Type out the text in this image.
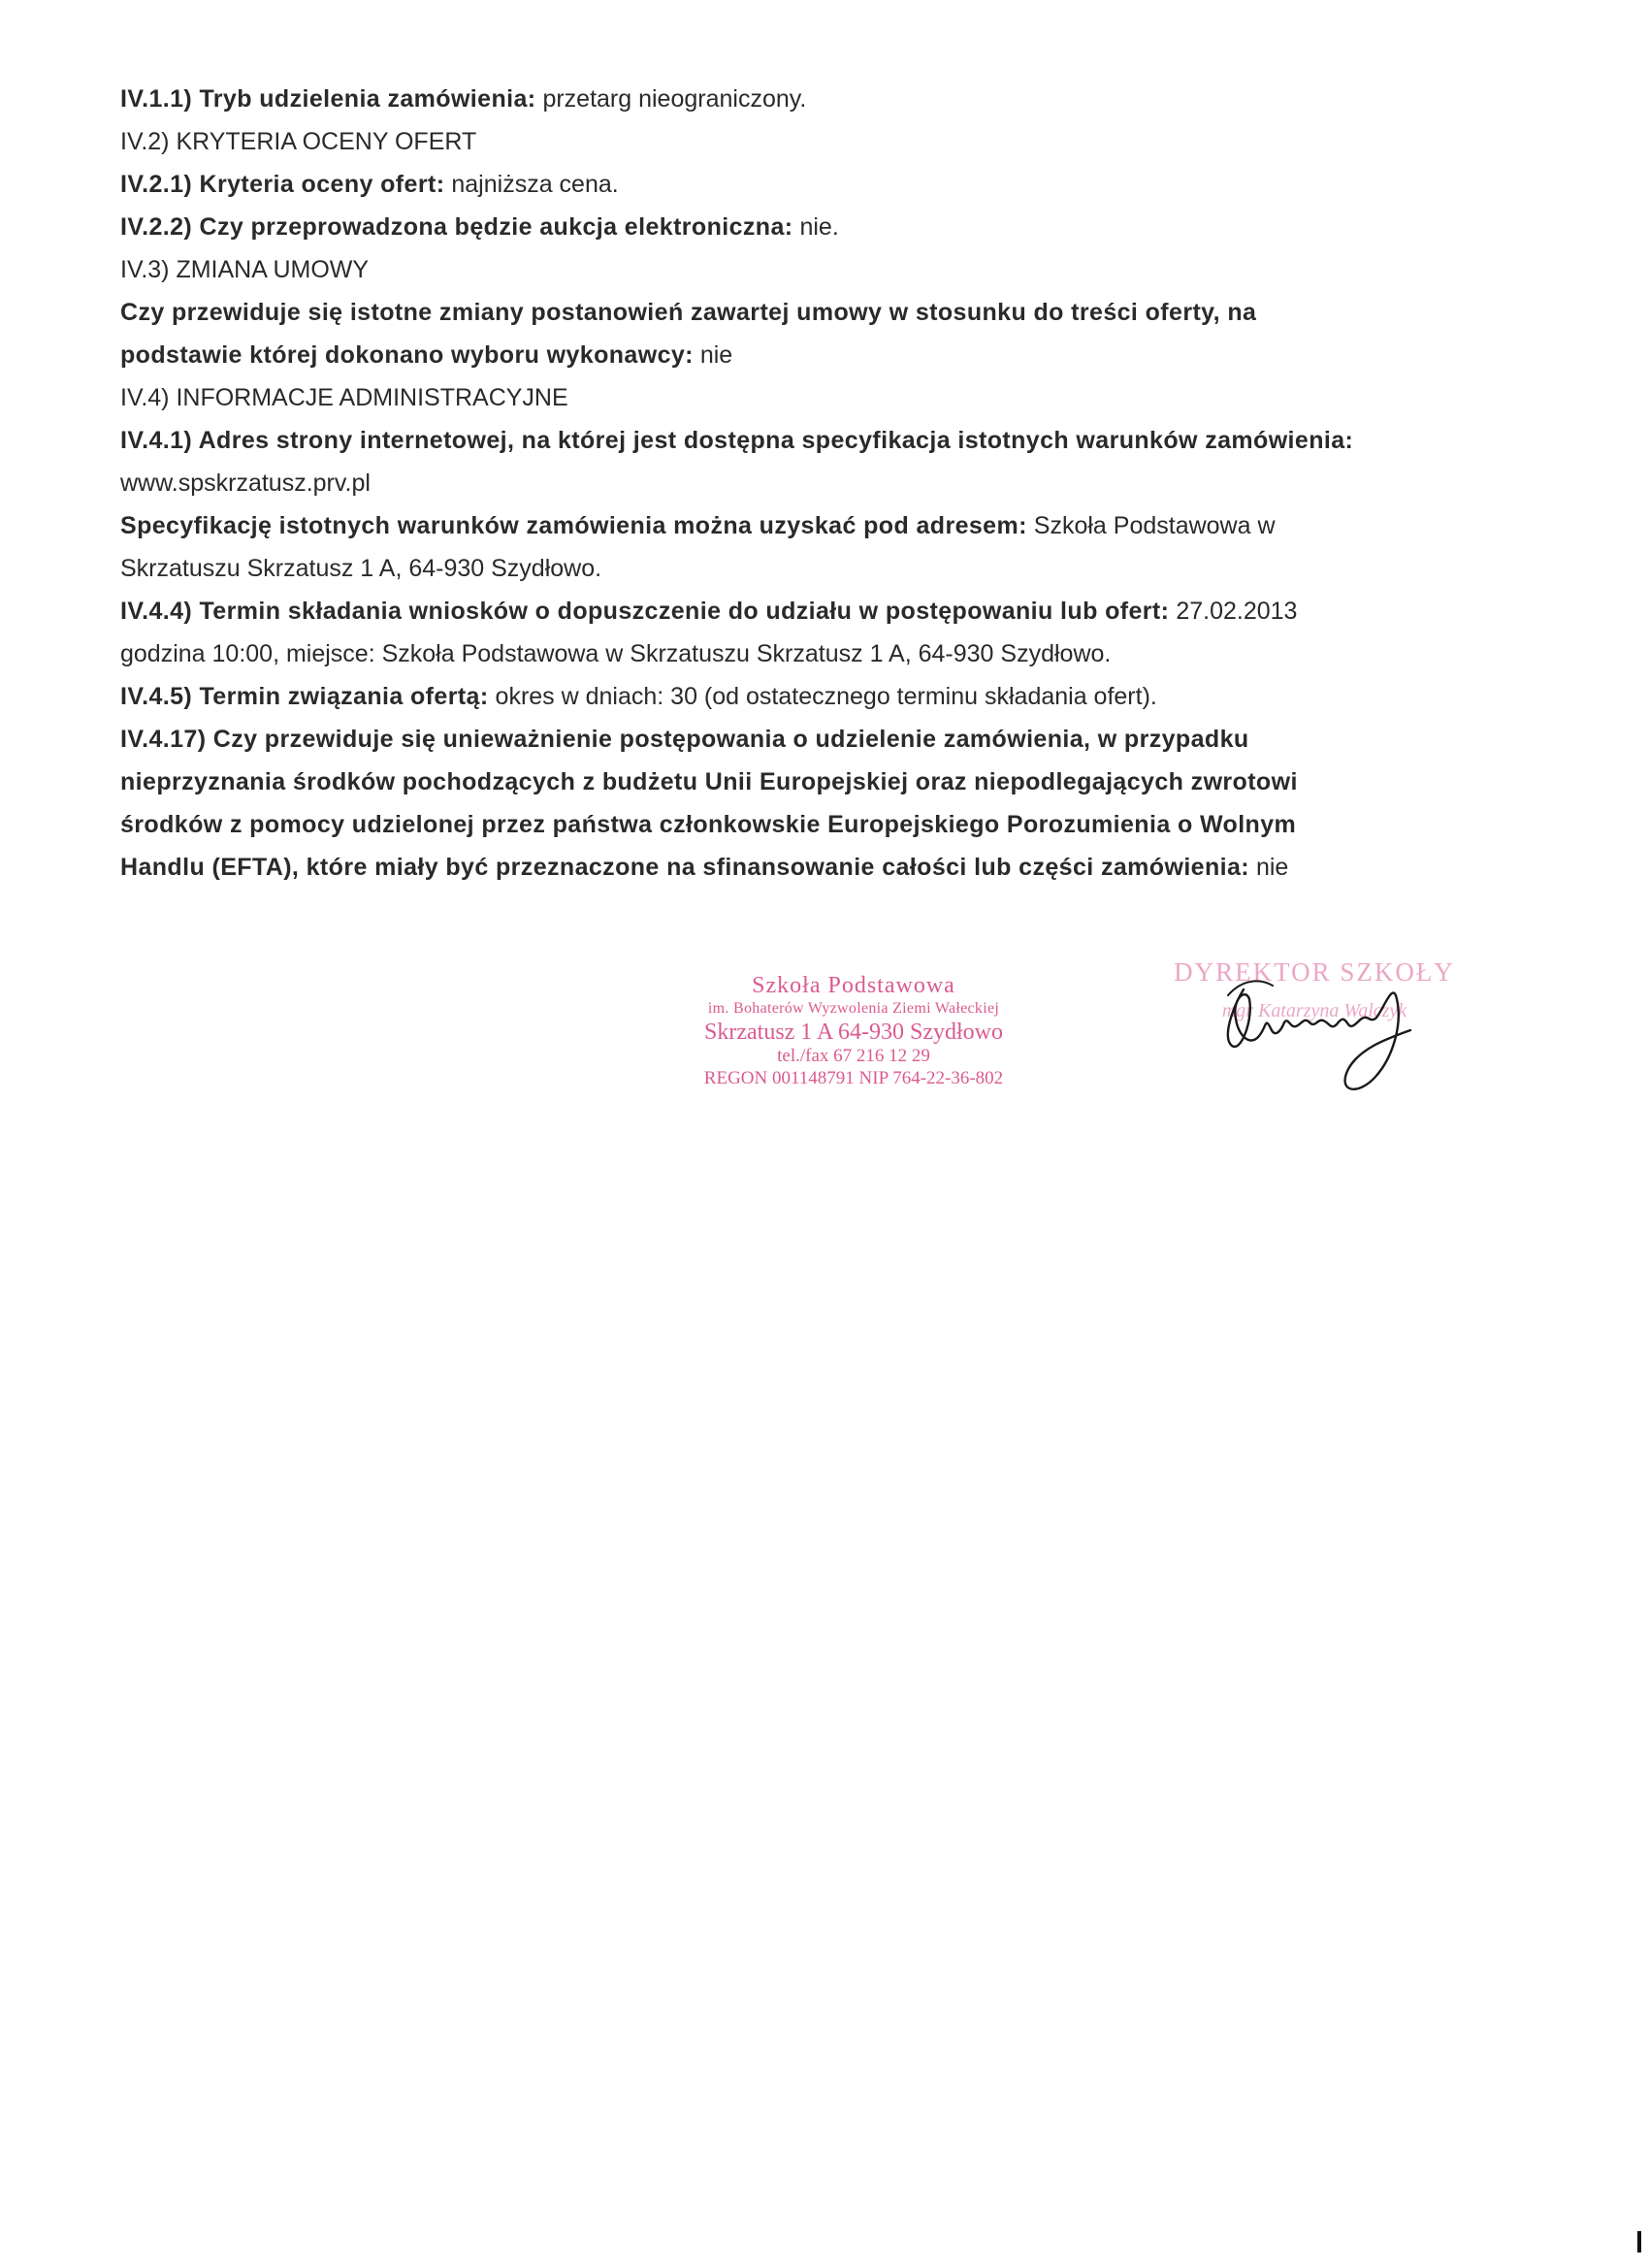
IV.1.1) Tryb udzielenia zamówienia: przetarg nieograniczony.
IV.2) KRYTERIA OCENY OFERT
IV.2.1) Kryteria oceny ofert: najniższa cena.
IV.2.2) Czy przeprowadzona będzie aukcja elektroniczna: nie.
IV.3) ZMIANA UMOWY
Czy przewiduje się istotne zmiany postanowień zawartej umowy w stosunku do treści oferty, na
podstawie której dokonano wyboru wykonawcy: nie
IV.4) INFORMACJE ADMINISTRACYJNE
IV.4.1) Adres strony internetowej, na której jest dostępna specyfikacja istotnych warunków zamówienia:
www.spskrzatusz.prv.pl
Specyfikację istotnych warunków zamówienia można uzyskać pod adresem: Szkoła Podstawowa w
Skrzatuszu Skrzatusz 1 A, 64-930 Szydłowo.
IV.4.4) Termin składania wniosków o dopuszczenie do udziału w postępowaniu lub ofert: 27.02.2013
godzina 10:00, miejsce: Szkoła Podstawowa w Skrzatuszu Skrzatusz 1 A, 64-930 Szydłowo.
IV.4.5) Termin związania ofertą: okres w dniach: 30 (od ostatecznego terminu składania ofert).
IV.4.17) Czy przewiduje się unieważnienie postępowania o udzielenie zamówienia, w przypadku
nieprzyznania środków pochodzących z budżetu Unii Europejskiej oraz niepodlegających zwrotowi
środków z pomocy udzielonej przez państwa członkowskie Europejskiego Porozumienia o Wolnym
Handlu (EFTA), które miały być przeznaczone na sfinansowanie całości lub części zamówienia: nie
Szkoła Podstawowa
im. Bohaterów Wyzwolenia Ziemi Wałeckiej
Skrzatusz 1 A 64-930 Szydłowo
tel./fax 67 216 12 29
REGON 001148791 NIP 764-22-36-802
DYREKTOR SZKOŁY
mgr Katarzyna Walczyk
